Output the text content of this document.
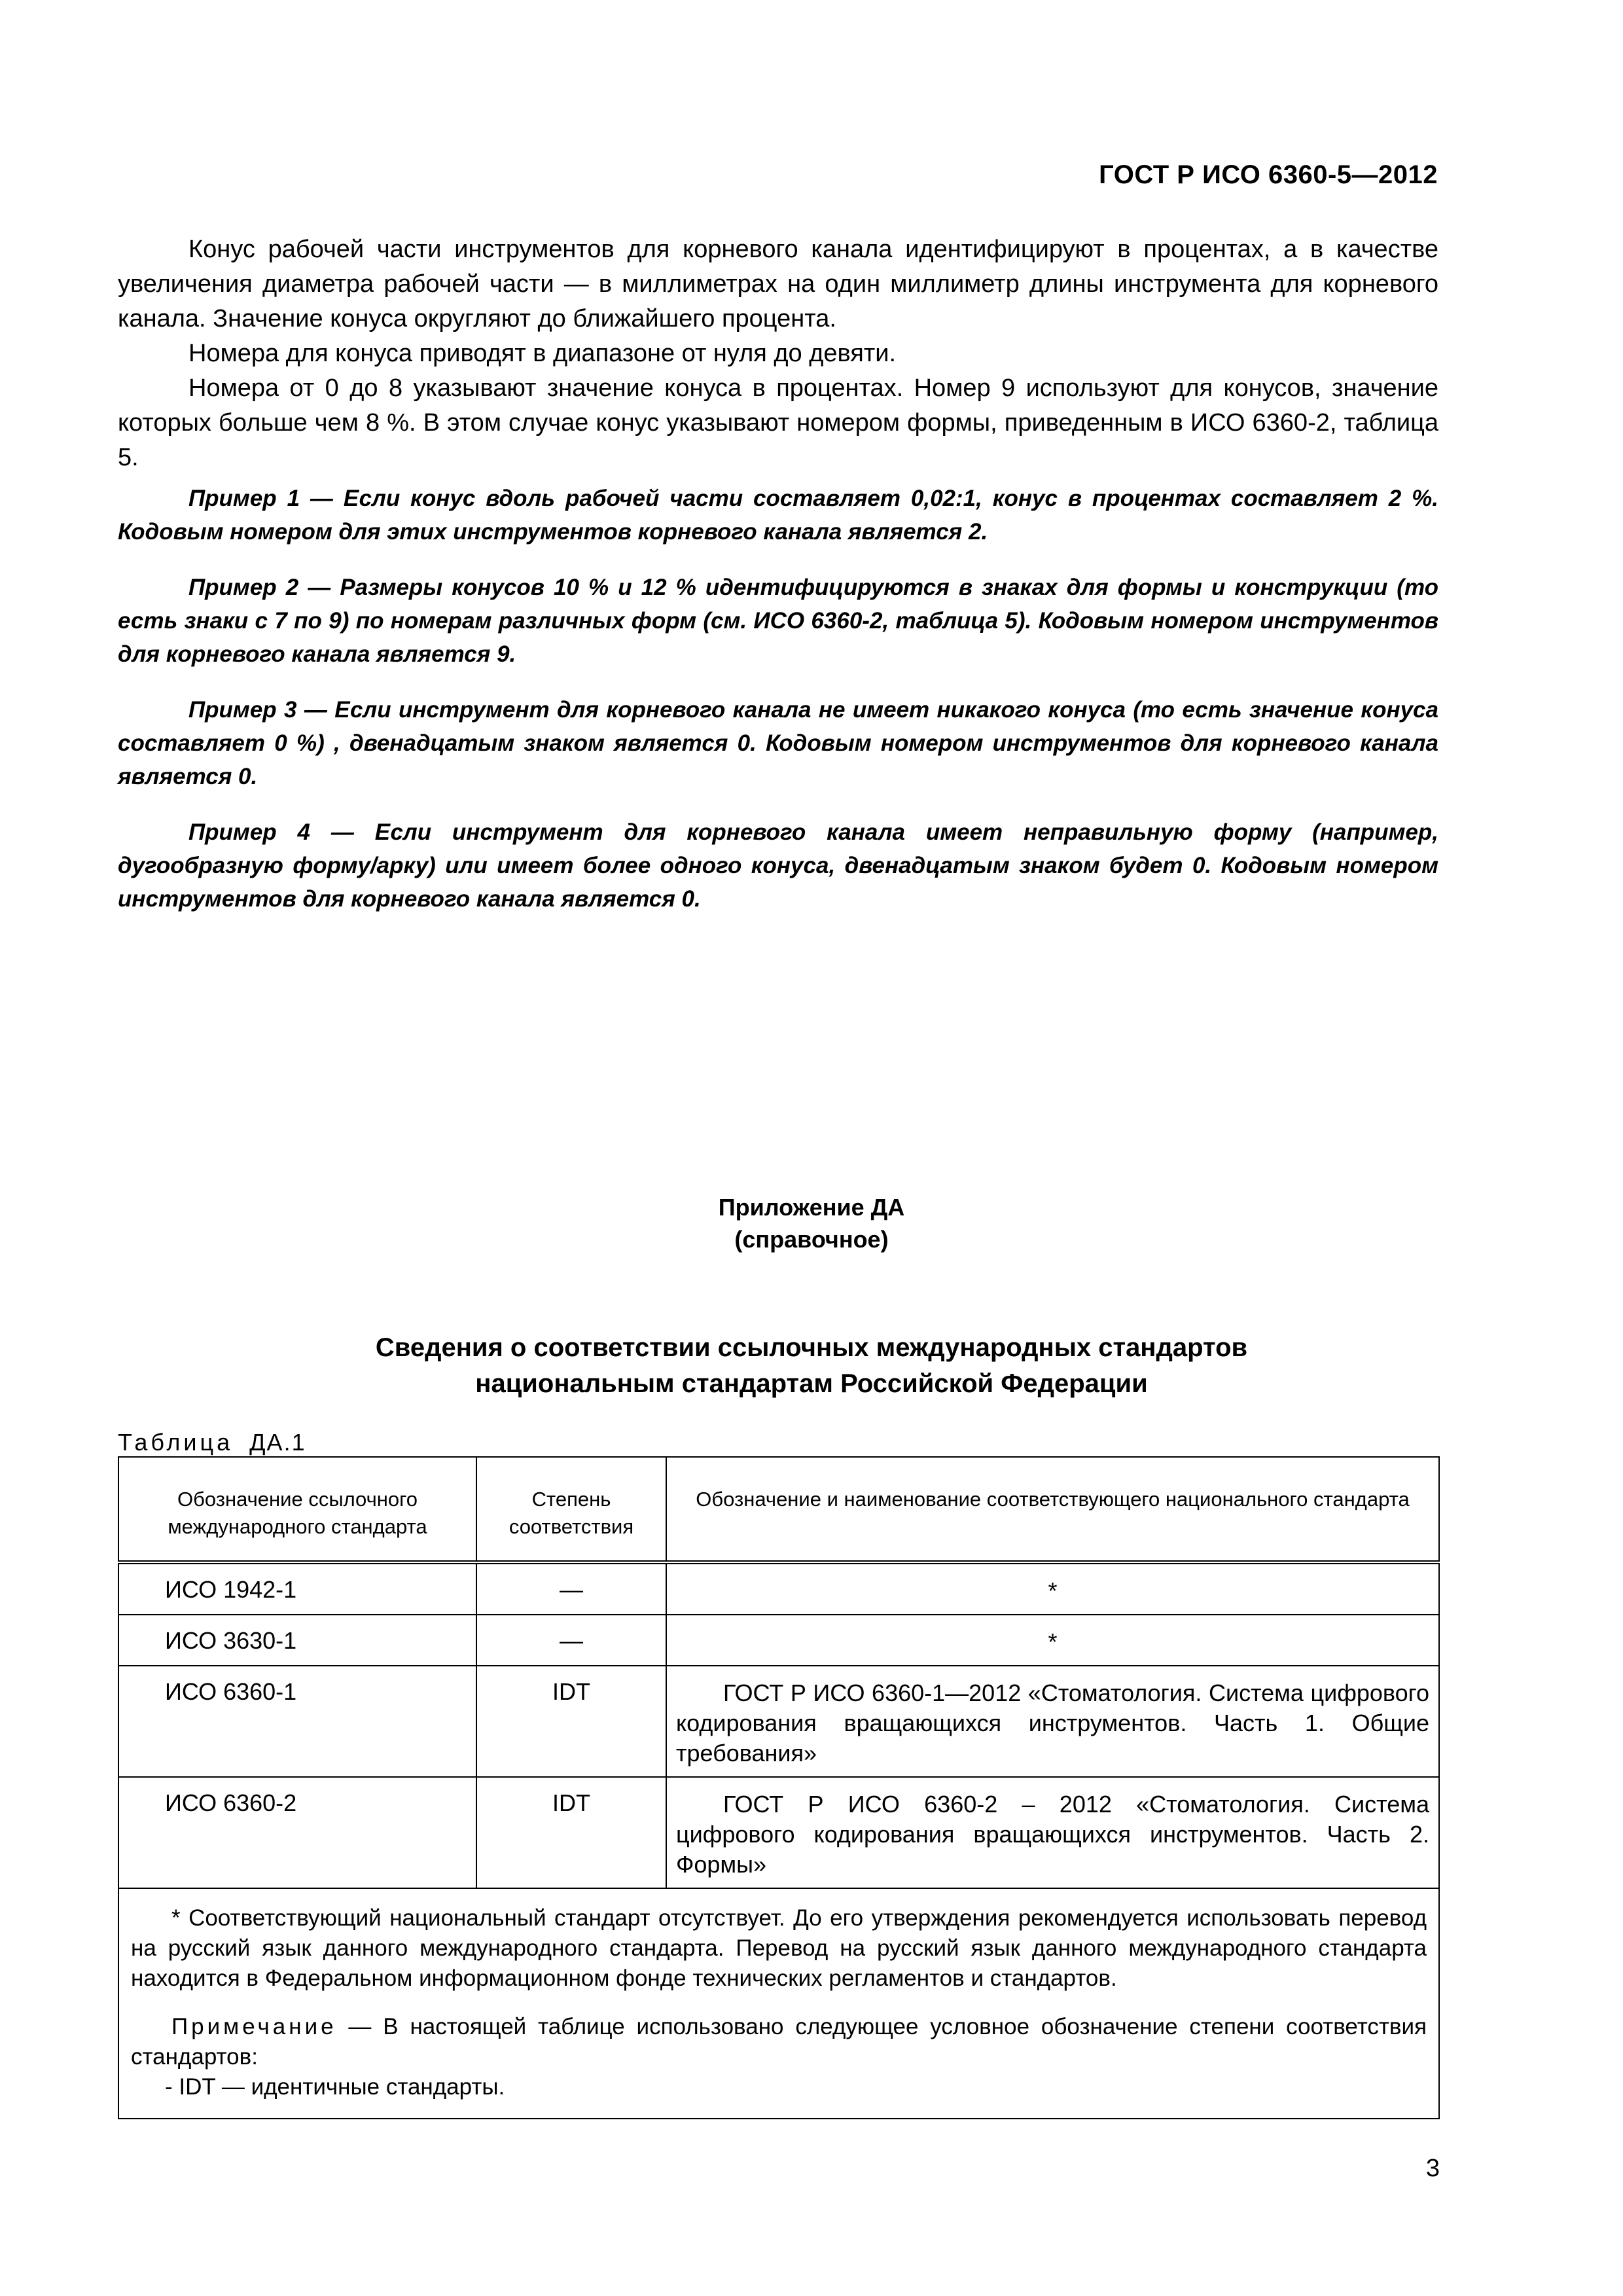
ГОСТ Р ИСО 6360-5—2012

Конус рабочей части инструментов для корневого канала идентифицируют в процентах, а в качестве увеличения диаметра рабочей части — в миллиметрах на один миллиметр длины инструмента для корневого канала. Значение конуса округляют до ближайшего процента.

Номера для конуса приводят в диапазоне от нуля до девяти.

Номера от 0 до 8 указывают значение конуса в процентах. Номер 9 используют для конусов, значение которых больше чем 8 %. В этом случае конус указывают номером формы, приведенным в ИСО 6360-2, таблица 5.

Пример 1 — Если конус вдоль рабочей части составляет 0,02:1, конус в процентах составляет 2 %. Кодовым номером для этих инструментов корневого канала является 2.

Пример 2 — Размеры конусов 10 % и 12 % идентифицируются в знаках для формы и конструкции (то есть знаки с 7 по 9) по номерам различных форм (см. ИСО 6360-2, таблица 5). Кодовым номером инструментов для корневого канала является 9.

Пример 3 — Если инструмент для корневого канала не имеет никакого конуса (то есть значение конуса составляет 0 %) , двенадцатым знаком является 0. Кодовым номером инструментов для корневого канала является 0.

Пример 4 — Если инструмент для корневого канала имеет неправильную форму (например, дугообразную форму/арку) или имеет более одного конуса, двенадцатым знаком будет 0. Кодовым номером инструментов для корневого канала является 0.

Приложение ДА
(справочное)
Сведения о соответствии ссылочных международных стандартов
национальным стандартам Российской Федерации
Таблица ДА.1
Обозначение ссылочного международного стандарта	Степень соответствия	Обозначение и наименование соответствующего национального стандарта
ИСО 1942-1	—	*
ИСО 3630-1	—	*
ИСО 6360-1	IDT	ГОСТ Р ИСО 6360-1—2012 «Стоматология. Система цифрового кодирования вращающихся инструментов. Часть 1. Общие требования»
ИСО 6360-2	IDT	ГОСТ Р ИСО 6360-2 – 2012 «Стоматология. Система цифрового кодирования вращающихся инструментов. Часть 2. Формы»

* Соответствующий национальный стандарт отсутствует. До его утверждения рекомендуется использовать перевод на русский язык данного международного стандарта. Перевод на русский язык данного международного стандарта находится в Федеральном информационном фонде технических регламентов и стандартов.

Примечание — В настоящей таблице использовано следующее условное обозначение степени соответствия стандартов:

- IDT — идентичные стандарты.		

3
